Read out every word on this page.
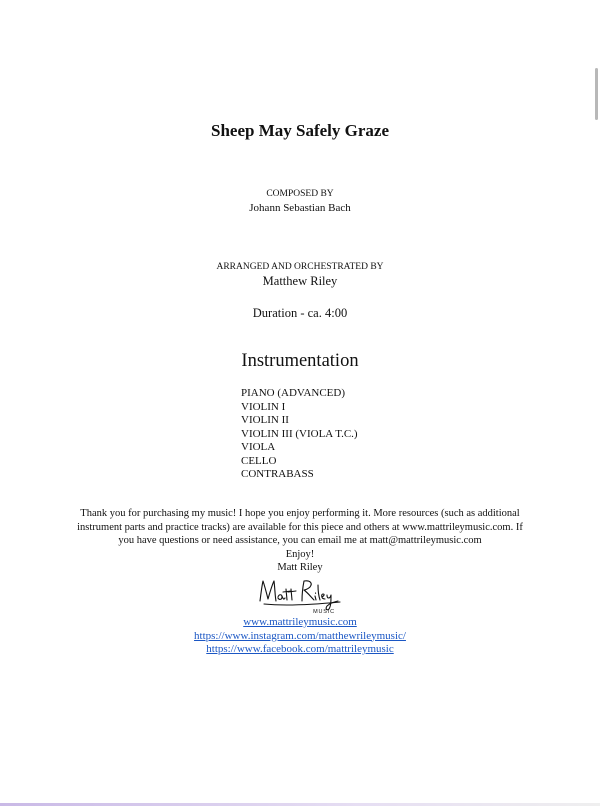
Sheep May Safely Graze
COMPOSED BY
Johann Sebastian Bach
ARRANGED AND ORCHESTRATED BY
Matthew Riley
Duration - ca. 4:00
Instrumentation
PIANO (ADVANCED)
VIOLIN I
VIOLIN II
VIOLIN III (VIOLA T.C.)
VIOLA
CELLO
CONTRABASS
Thank you for purchasing my music! I hope you enjoy performing it. More resources (such as additional
instrument parts and practice tracks) are available for this piece and others at www.mattrileymusic.com. If
you have questions or need assistance, you can email me at matt@mattrileymusic.com
Enjoy!
Matt Riley
MUSIC
www.mattrileymusic.com
https://www.instagram.com/matthewrileymusic/
https://www.facebook.com/mattrileymusic
